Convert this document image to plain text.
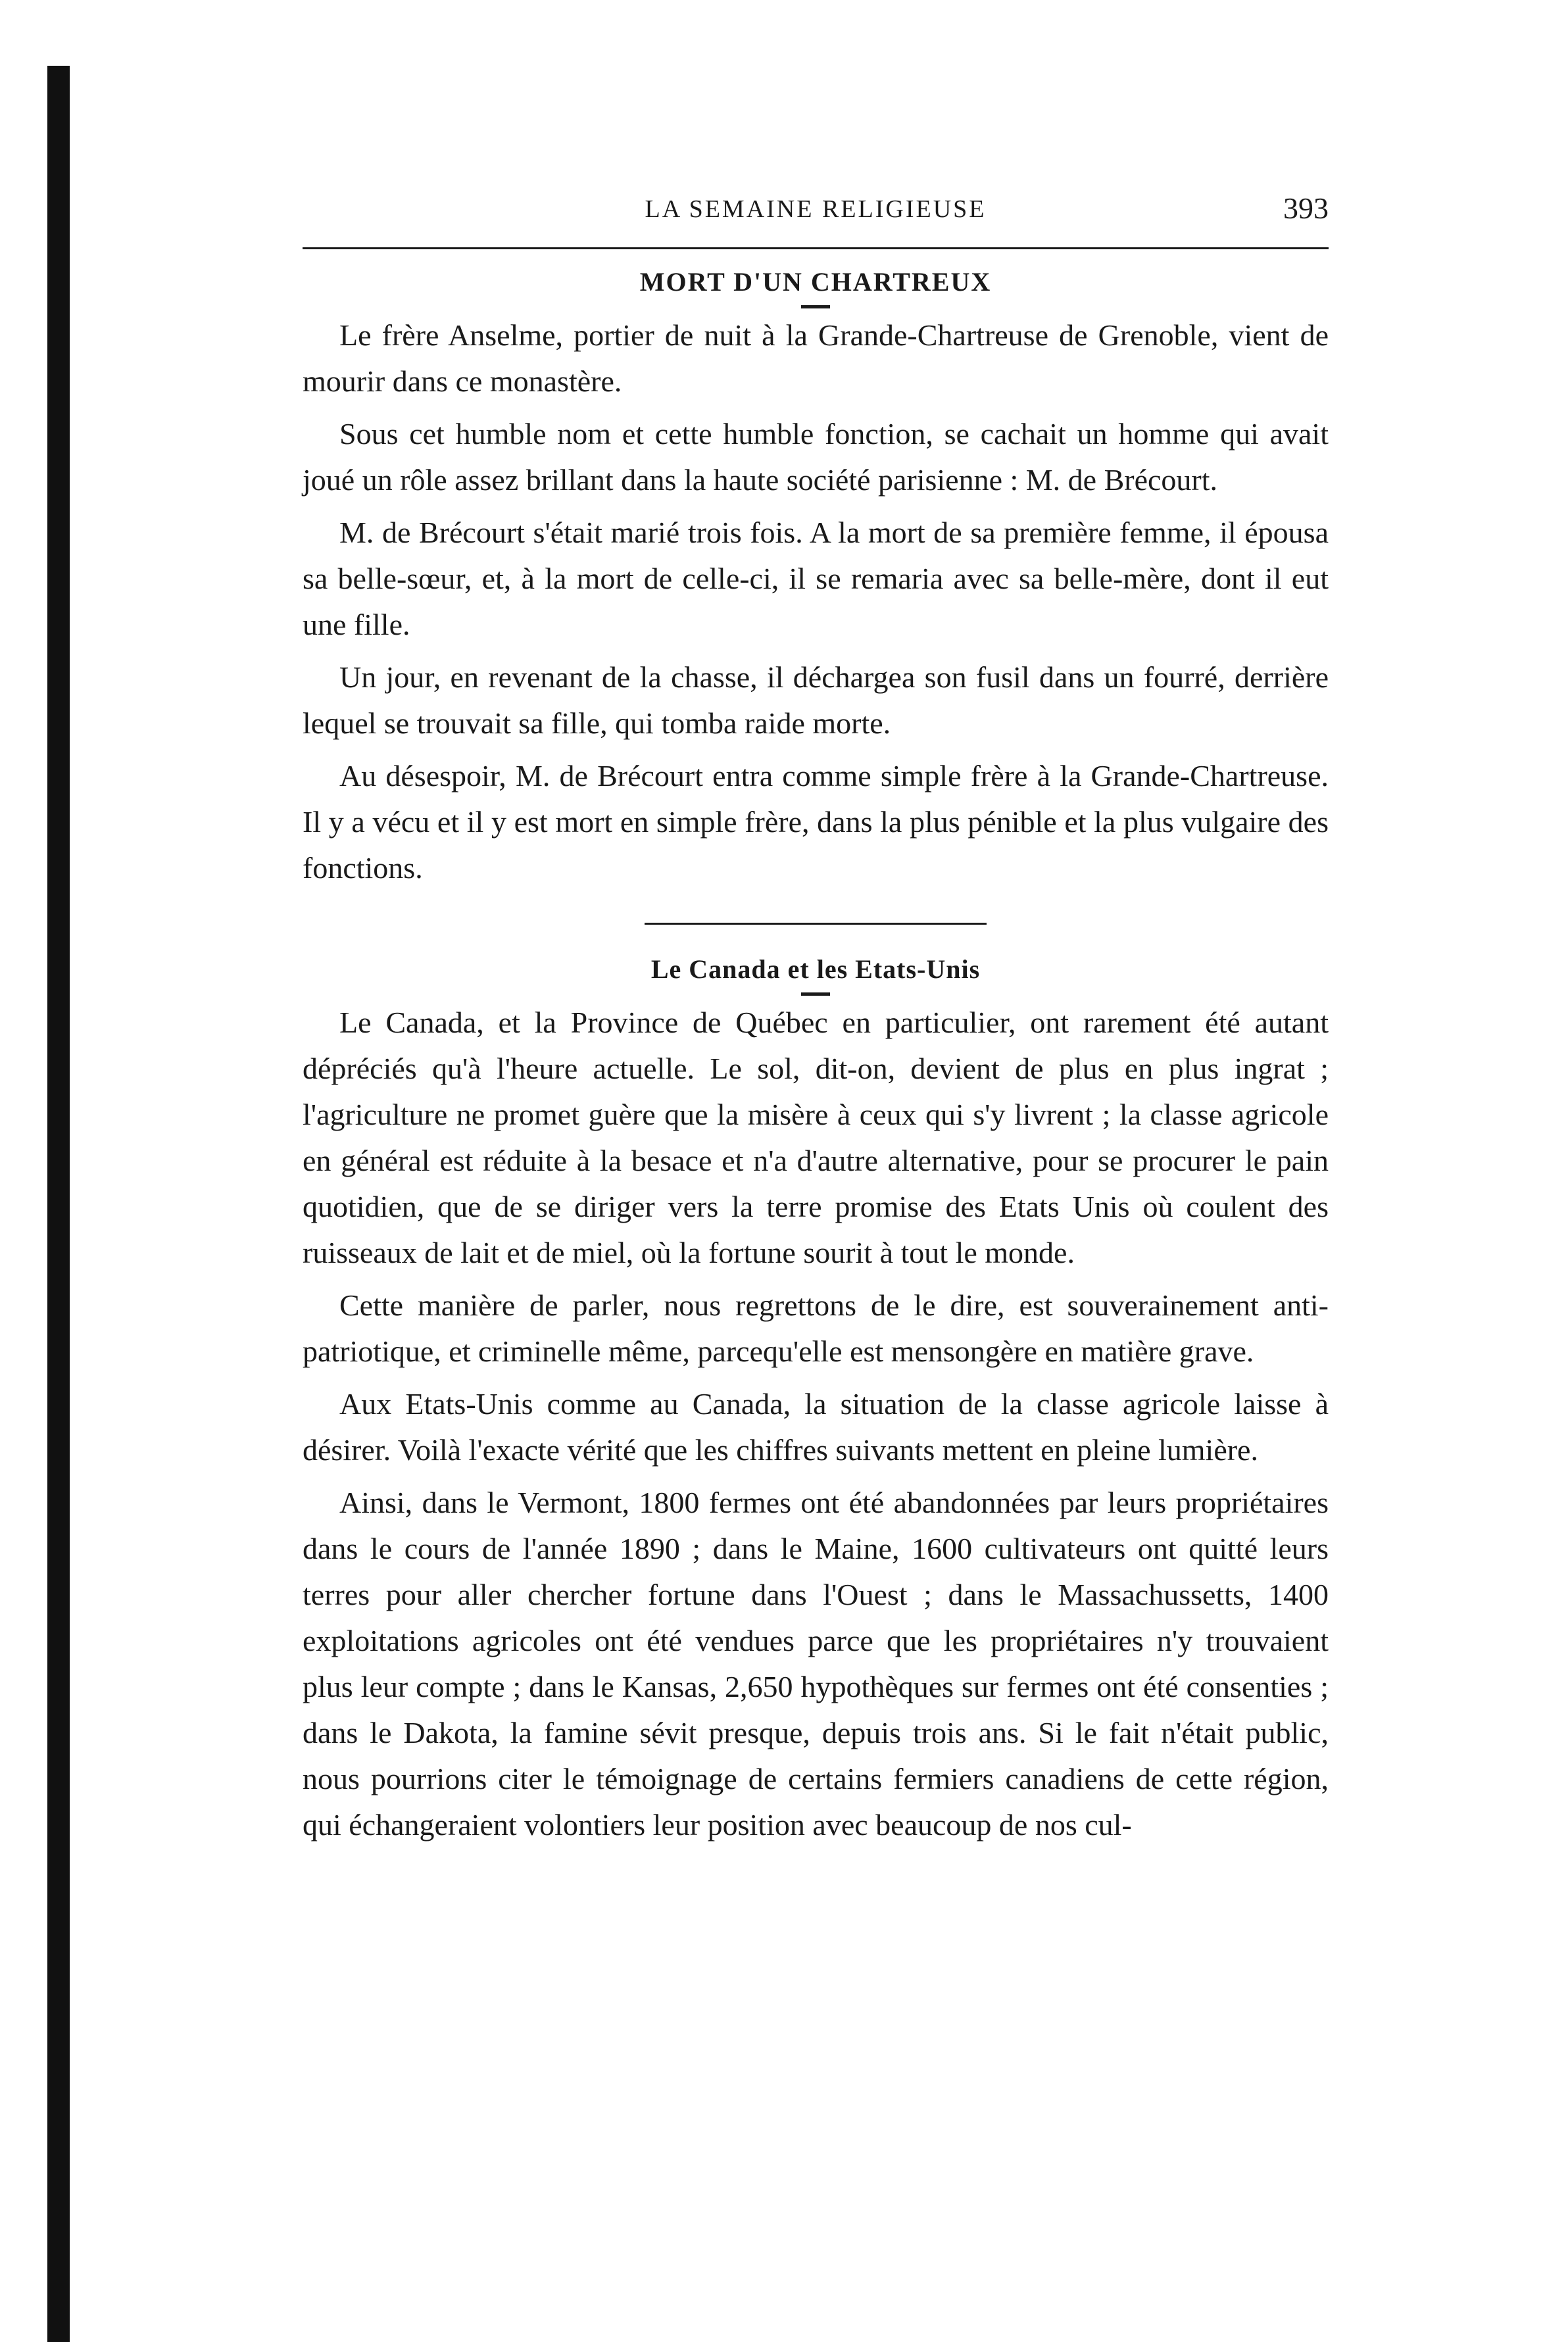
LA SEMAINE RELIGIEUSE	393
MORT D'UN CHARTREUX

Le frère Anselme, portier de nuit à la Grande-Chartreuse de Grenoble, vient de mourir dans ce monastère.

Sous cet humble nom et cette humble fonction, se cachait un homme qui avait joué un rôle assez brillant dans la haute société parisienne : M. de Brécourt.

M. de Brécourt s'était marié trois fois. A la mort de sa première femme, il épousa sa belle-sœur, et, à la mort de celle-ci, il se remaria avec sa belle-mère, dont il eut une fille.

Un jour, en revenant de la chasse, il déchargea son fusil dans un fourré, derrière lequel se trouvait sa fille, qui tomba raide morte.

Au désespoir, M. de Brécourt entra comme simple frère à la Grande-Chartreuse. Il y a vécu et il y est mort en simple frère, dans la plus pénible et la plus vulgaire des fonctions.

Le Canada et les Etats-Unis

Le Canada, et la Province de Québec en particulier, ont rarement été autant dépréciés qu'à l'heure actuelle. Le sol, dit-on, devient de plus en plus ingrat ; l'agriculture ne promet guère que la misère à ceux qui s'y livrent ; la classe agricole en général est réduite à la besace et n'a d'autre alternative, pour se procurer le pain quotidien, que de se diriger vers la terre promise des Etats Unis où coulent des ruisseaux de lait et de miel, où la fortune sourit à tout le monde.

Cette manière de parler, nous regrettons de le dire, est souverainement anti-patriotique, et criminelle même, parcequ'elle est mensongère en matière grave.

Aux Etats-Unis comme au Canada, la situation de la classe agricole laisse à désirer. Voilà l'exacte vérité que les chiffres suivants mettent en pleine lumière.

Ainsi, dans le Vermont, 1800 fermes ont été abandonnées par leurs propriétaires dans le cours de l'année 1890 ; dans le Maine, 1600 cultivateurs ont quitté leurs terres pour aller chercher fortune dans l'Ouest ; dans le Massachussetts, 1400 exploitations agricoles ont été vendues parce que les propriétaires n'y trouvaient plus leur compte ; dans le Kansas, 2,650 hypothèques sur fermes ont été consenties ; dans le Dakota, la famine sévit presque, depuis trois ans. Si le fait n'était public, nous pourrions citer le témoignage de certains fermiers canadiens de cette région, qui échangeraient volontiers leur position avec beaucoup de nos cul-
